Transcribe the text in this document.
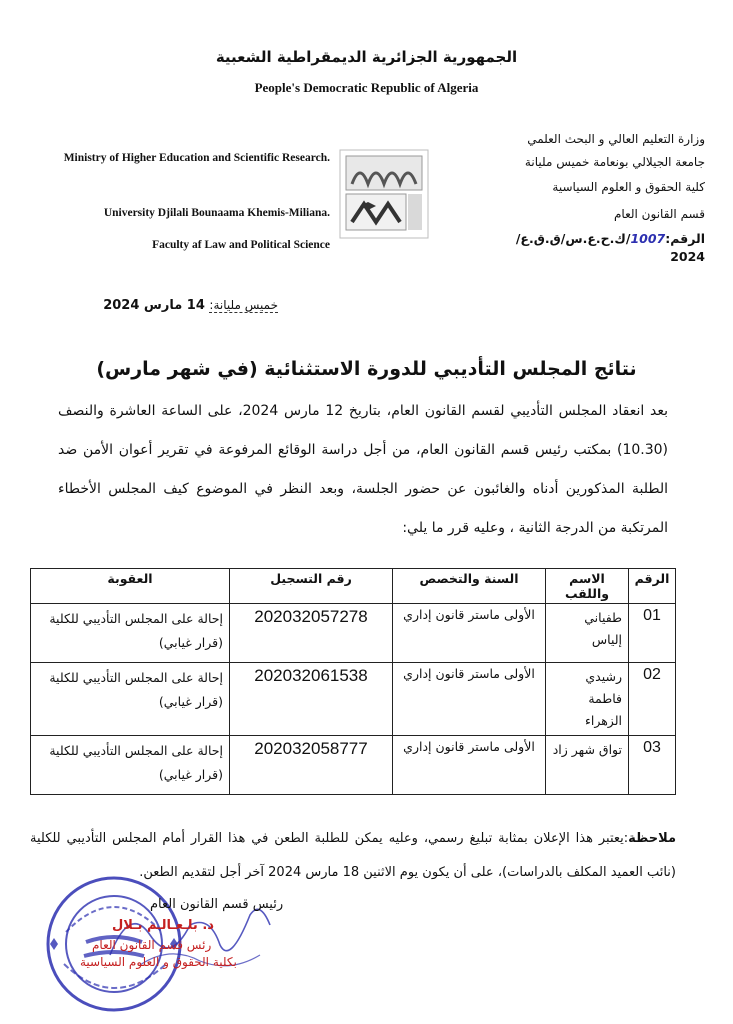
الجمهورية الجزائرية الديمقراطية الشعبية
People's Democratic Republic of Algeria
Ministry of Higher Education and Scientific Research.
University Djilali Bounaama Khemis-Miliana.
Faculty af Law and Political Science
وزارة التعليم العالي و البحث العلمي
جامعة الجيلالي بونعامة خميس مليانة
كلية الحقوق و العلوم السياسية
قسم القانون العام
الرقم:1007/ك.ح.ع.س/ق.ق.ع/ 2024
خميس مليانة: 14 مارس 2024
نتائج المجلس التأديبي للدورة الاستثنائية (في شهر مارس)
بعد انعقاد المجلس التأديبي لقسم القانون العام، بتاريخ 12 مارس 2024، على الساعة العاشرة والنصف (10.30) بمكتب رئيس قسم القانون العام، من أجل دراسة الوقائع المرفوعة في تقرير أعوان الأمن ضد الطلبة المذكورين أدناه والغائبون عن حضور الجلسة، وبعد النظر في الموضوع كيف المجلس الأخطاء المرتكبة من الدرجة الثانية ، وعليه قرر ما يلي:
الرقم	الاسم واللقب	السنة والتخصص	رقم التسجيل	العقوبة
01	طفياني إلياس	الأولى ماستر قانون إداري	202032057278	إحالة على المجلس التأديبي للكلية (قرار غيابي)
02	رشيدي فاطمة الزهراء	الأولى ماستر قانون إداري	202032061538	إحالة على المجلس التأديبي للكلية (قرار غيابي)
03	تواق شهر زاد	الأولى ماستر قانون إداري	202032058777	إحالة على المجلس التأديبي للكلية (قرار غيابي)
ملاحظة:يعتبر هذا الإعلان بمثابة تبليغ رسمي، وعليه يمكن للطلبة الطعن في هذا القرار أمام المجلس التأديبي للكلية (نائب العميد المكلف بالدراسات)، على أن يكون يوم الاثنين 18 مارس 2024 آخر أجل لتقديم الطعن.
رئيس قسم القانون العام
د. بلـعـالـم بـلال
رئس قسم القانون العام
بكلية الحقوق و العلوم السياسية
